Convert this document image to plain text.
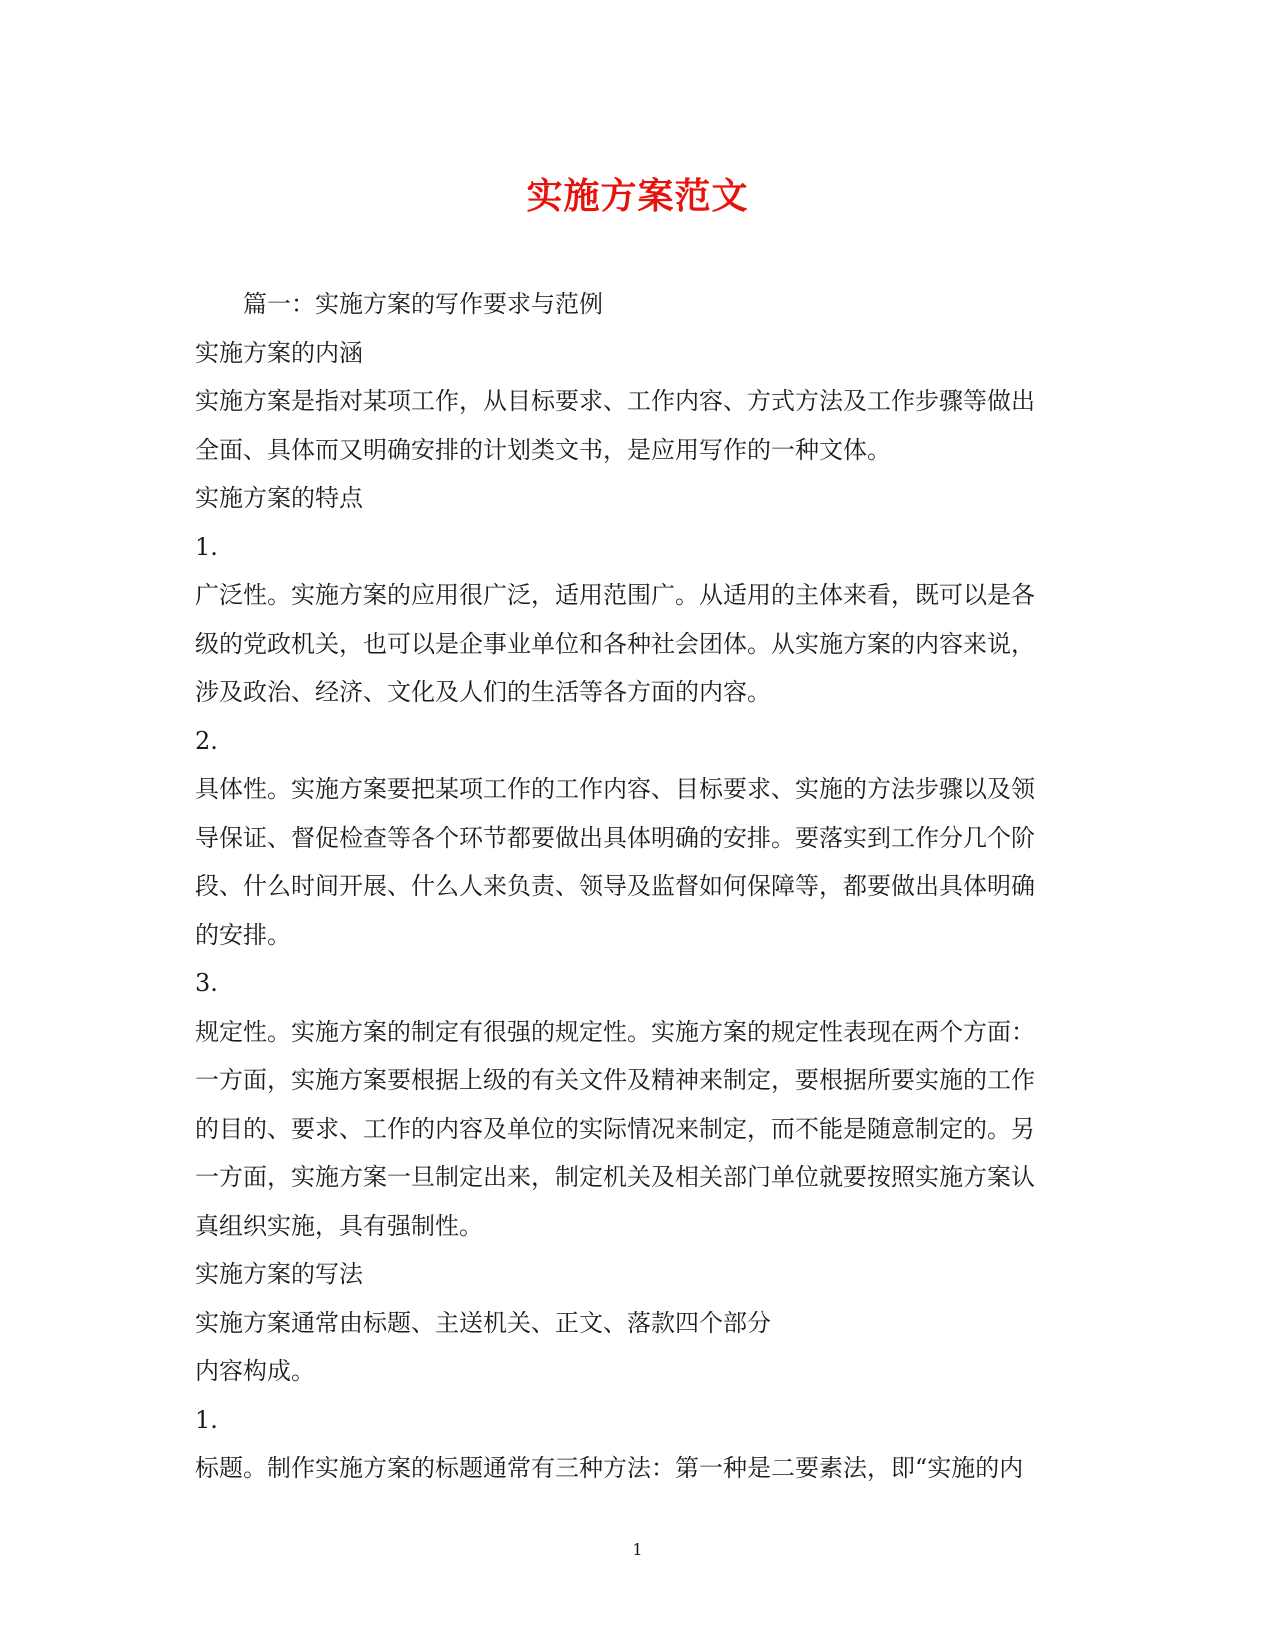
实施方案范文

篇一：实施方案的写作要求与范例

实施方案的内涵

实施方案是指对某项工作，从目标要求、工作内容、方式方法及工作步骤等做出

全面、具体而又明确安排的计划类文书，是应用写作的一种文体。

实施方案的特点

1.

广泛性。实施方案的应用很广泛，适用范围广。从适用的主体来看，既可以是各

级的党政机关，也可以是企事业单位和各种社会团体。从实施方案的内容来说，

涉及政治、经济、文化及人们的生活等各方面的内容。

2.

具体性。实施方案要把某项工作的工作内容、目标要求、实施的方法步骤以及领

导保证、督促检查等各个环节都要做出具体明确的安排。要落实到工作分几个阶

段、什么时间开展、什么人来负责、领导及监督如何保障等，都要做出具体明确

的安排。

3.

规定性。实施方案的制定有很强的规定性。实施方案的规定性表现在两个方面：

一方面，实施方案要根据上级的有关文件及精神来制定，要根据所要实施的工作

的目的、要求、工作的内容及单位的实际情况来制定，而不能是随意制定的。另

一方面，实施方案一旦制定出来，制定机关及相关部门单位就要按照实施方案认

真组织实施，具有强制性。

实施方案的写法

实施方案通常由标题、主送机关、正文、落款四个部分

内容构成。

1.

标题。制作实施方案的标题通常有三种方法：第一种是二要素法，即“实施的内

1
